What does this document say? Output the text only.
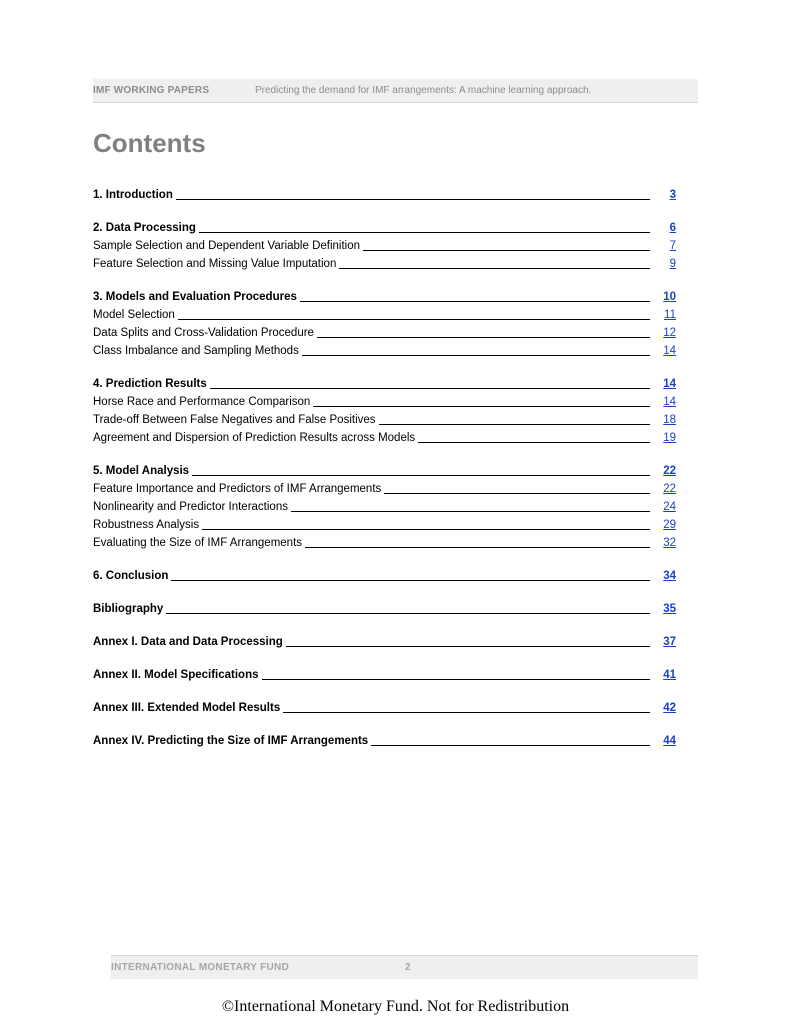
IMF WORKING PAPERS	Predicting the demand for IMF arrangements: A machine learning approach.
Contents
1. Introduction	3
2. Data Processing	6
Sample Selection and Dependent Variable Definition	7
Feature Selection and Missing Value Imputation	9
3. Models and Evaluation Procedures	10
Model Selection	11
Data Splits and Cross-Validation Procedure	12
Class Imbalance and Sampling Methods	14
4. Prediction Results	14
Horse Race and Performance Comparison	14
Trade-off Between False Negatives and False Positives	18
Agreement and Dispersion of Prediction Results across Models	19
5. Model Analysis	22
Feature Importance and Predictors of IMF Arrangements	22
Nonlinearity and Predictor Interactions	24
Robustness Analysis	29
Evaluating the Size of IMF Arrangements	32
6. Conclusion	34
Bibliography	35
Annex I. Data and Data Processing	37
Annex II. Model Specifications	41
Annex III. Extended Model Results	42
Annex IV. Predicting the Size of IMF Arrangements	44
INTERNATIONAL MONETARY FUND	2
©International Monetary Fund. Not for Redistribution
